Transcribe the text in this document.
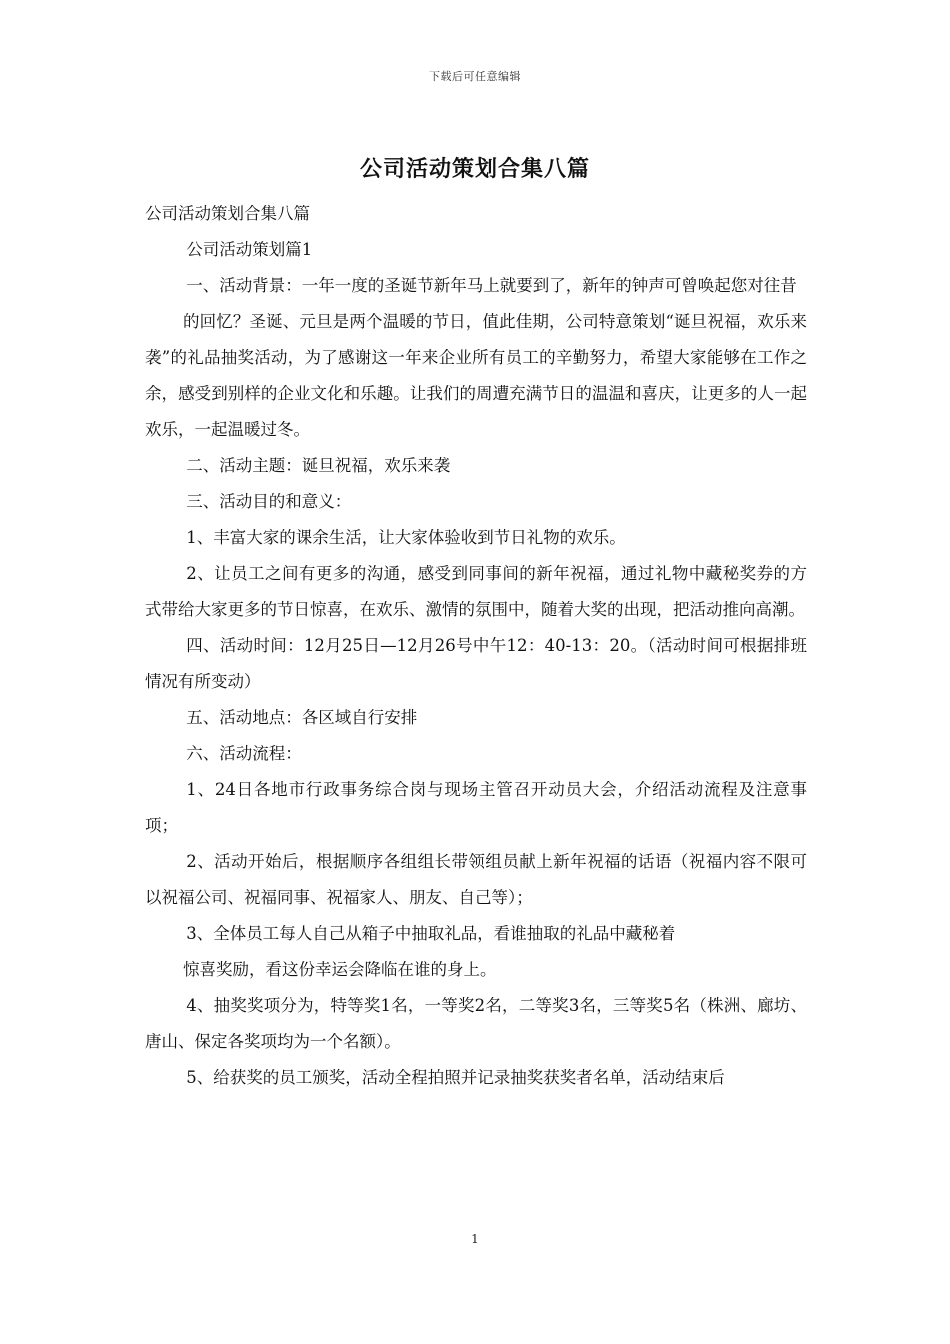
下载后可任意编辑
公司活动策划合集八篇

公司活动策划合集八篇

公司活动策划篇1

一、活动背景：一年一度的圣诞节新年马上就要到了，新年的钟声可曾唤起您对往昔

的回忆？圣诞、元旦是两个温暖的节日，值此佳期，公司特意策划“诞旦祝福，欢乐来袭”的礼品抽奖活动，为了感谢这一年来企业所有员工的辛勤努力，希望大家能够在工作之余，感受到别样的企业文化和乐趣。让我们的周遭充满节日的温温和喜庆，让更多的人一起欢乐，一起温暖过冬。

二、活动主题：诞旦祝福，欢乐来袭

三、活动目的和意义：

1、丰富大家的课余生活，让大家体验收到节日礼物的欢乐。

2、让员工之间有更多的沟通，感受到同事间的新年祝福，通过礼物中藏秘奖券的方式带给大家更多的节日惊喜，在欢乐、激情的氛围中，随着大奖的出现，把活动推向高潮。

四、活动时间：12月25日—12月26号中午12：40-13：20。（活动时间可根据排班情况有所变动）

五、活动地点：各区域自行安排

六、活动流程：

1、24日各地市行政事务综合岗与现场主管召开动员大会，介绍活动流程及注意事项；

2、活动开始后，根据顺序各组组长带领组员献上新年祝福的话语（祝福内容不限可以祝福公司、祝福同事、祝福家人、朋友、自己等）；

3、全体员工每人自己从箱子中抽取礼品，看谁抽取的礼品中藏秘着

惊喜奖励，看这份幸运会降临在谁的身上。

4、抽奖奖项分为，特等奖1名，一等奖2名，二等奖3名，三等奖5名（株洲、廊坊、唐山、保定各奖项均为一个名额）。

5、给获奖的员工颁奖，活动全程拍照并记录抽奖获奖者名单，活动结束后

1
